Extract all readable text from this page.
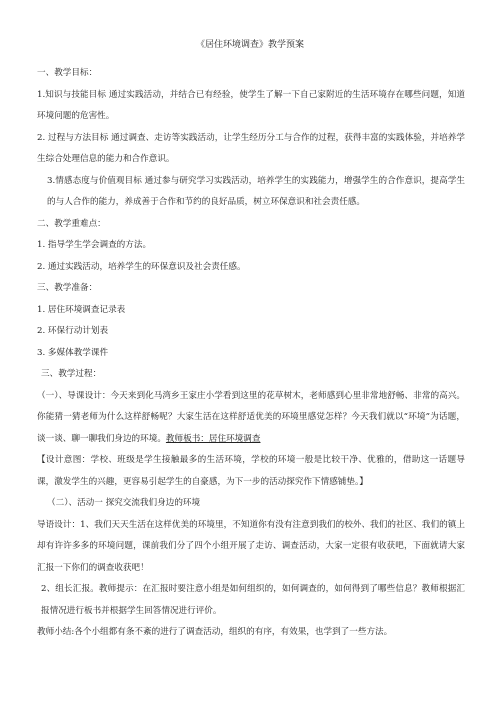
《居住环境调查》教学预案

一、教学目标：

1.知识与技能目标 通过实践活动，并结合已有经验，使学生了解一下自己家附近的生活环境存在哪些问题，知道环境问题的危害性。

2. 过程与方法目标 通过调查、走访等实践活动，让学生经历分工与合作的过程，获得丰富的实践体验，并培养学生综合处理信息的能力和合作意识。

3.情感态度与价值观目标 通过参与研究学习实践活动，培养学生的实践能力，增强学生的合作意识，提高学生的与人合作的能力，养成善于合作和节约的良好品质，树立环保意识和社会责任感。

二、教学重难点：

1. 指导学生学会调查的方法。

2. 通过实践活动，培养学生的环保意识及社会责任感。

三、教学准备：

1. 居住环境调查记录表

2. 环保行动计划表

3. 多媒体教学课件

三、教学过程：

（一）、导课设计：今天来到化马湾乡王家庄小学看到这里的花草树木，老师感到心里非常地舒畅、非常的高兴。你能猜一猜老师为什么这样舒畅呢？大家生活在这样舒适优美的环境里感觉怎样？今天我们就以“环境”为话题，谈一谈、聊一聊我们身边的环境。教师板书：居住环境调查

【设计意图：学校、班级是学生接触最多的生活环境，学校的环境一般是比较干净、优雅的，借助这一话题导课，激发学生的兴趣，更容易引起学生的自豪感，为下一步的活动探究作下情感铺垫。】

（二）、活动一 探究交流我们身边的环境

导语设计：1、我们天天生活在这样优美的环境里，不知道你有没有注意到我们的校外、我们的社区、我们的镇上却有许许多多的环境问题，课前我们分了四个小组开展了走访、调查活动，大家一定很有收获吧，下面就请大家汇报一下你们的调查收获吧！

2、组长汇报。教师提示：在汇报时要注意小组是如何组织的，如何调查的，如何得到了哪些信息？教师根据汇报情况进行板书并根据学生回答情况进行评价。

教师小结:各个小组都有条不紊的进行了调查活动，组织的有序，有效果，也学到了一些方法。
